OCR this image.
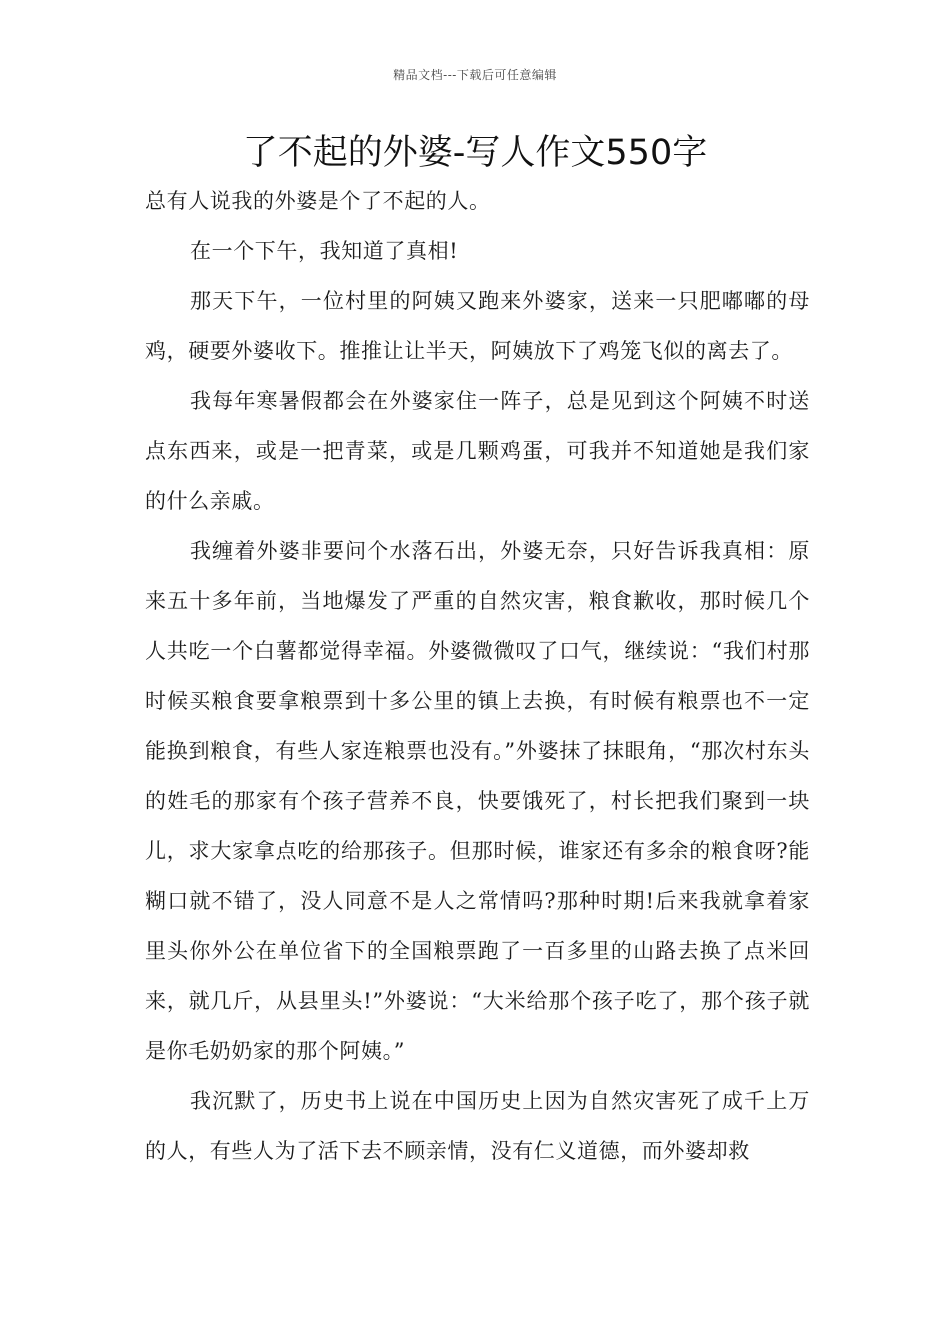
精品文档---下载后可任意编辑
了不起的外婆-写人作文550字

总有人说我的外婆是个了不起的人。

在一个下午，我知道了真相!

那天下午，一位村里的阿姨又跑来外婆家，送来一只肥嘟嘟的母鸡，硬要外婆收下。推推让让半天，阿姨放下了鸡笼飞似的离去了。

我每年寒暑假都会在外婆家住一阵子，总是见到这个阿姨不时送点东西来，或是一把青菜，或是几颗鸡蛋，可我并不知道她是我们家的什么亲戚。

我缠着外婆非要问个水落石出，外婆无奈，只好告诉我真相：原来五十多年前，当地爆发了严重的自然灾害，粮食歉收，那时候几个人共吃一个白薯都觉得幸福。外婆微微叹了口气，继续说：“我们村那时候买粮食要拿粮票到十多公里的镇上去换，有时候有粮票也不一定能换到粮食，有些人家连粮票也没有。”外婆抹了抹眼角，“那次村东头的姓毛的那家有个孩子营养不良，快要饿死了，村长把我们聚到一块儿，求大家拿点吃的给那孩子。但那时候，谁家还有多余的粮食呀?能糊口就不错了，没人同意不是人之常情吗?那种时期!后来我就拿着家里头你外公在单位省下的全国粮票跑了一百多里的山路去换了点米回来，就几斤，从县里头!”外婆说：“大米给那个孩子吃了，那个孩子就是你毛奶奶家的那个阿姨。”

我沉默了，历史书上说在中国历史上因为自然灾害死了成千上万的人，有些人为了活下去不顾亲情，没有仁义道德，而外婆却救
